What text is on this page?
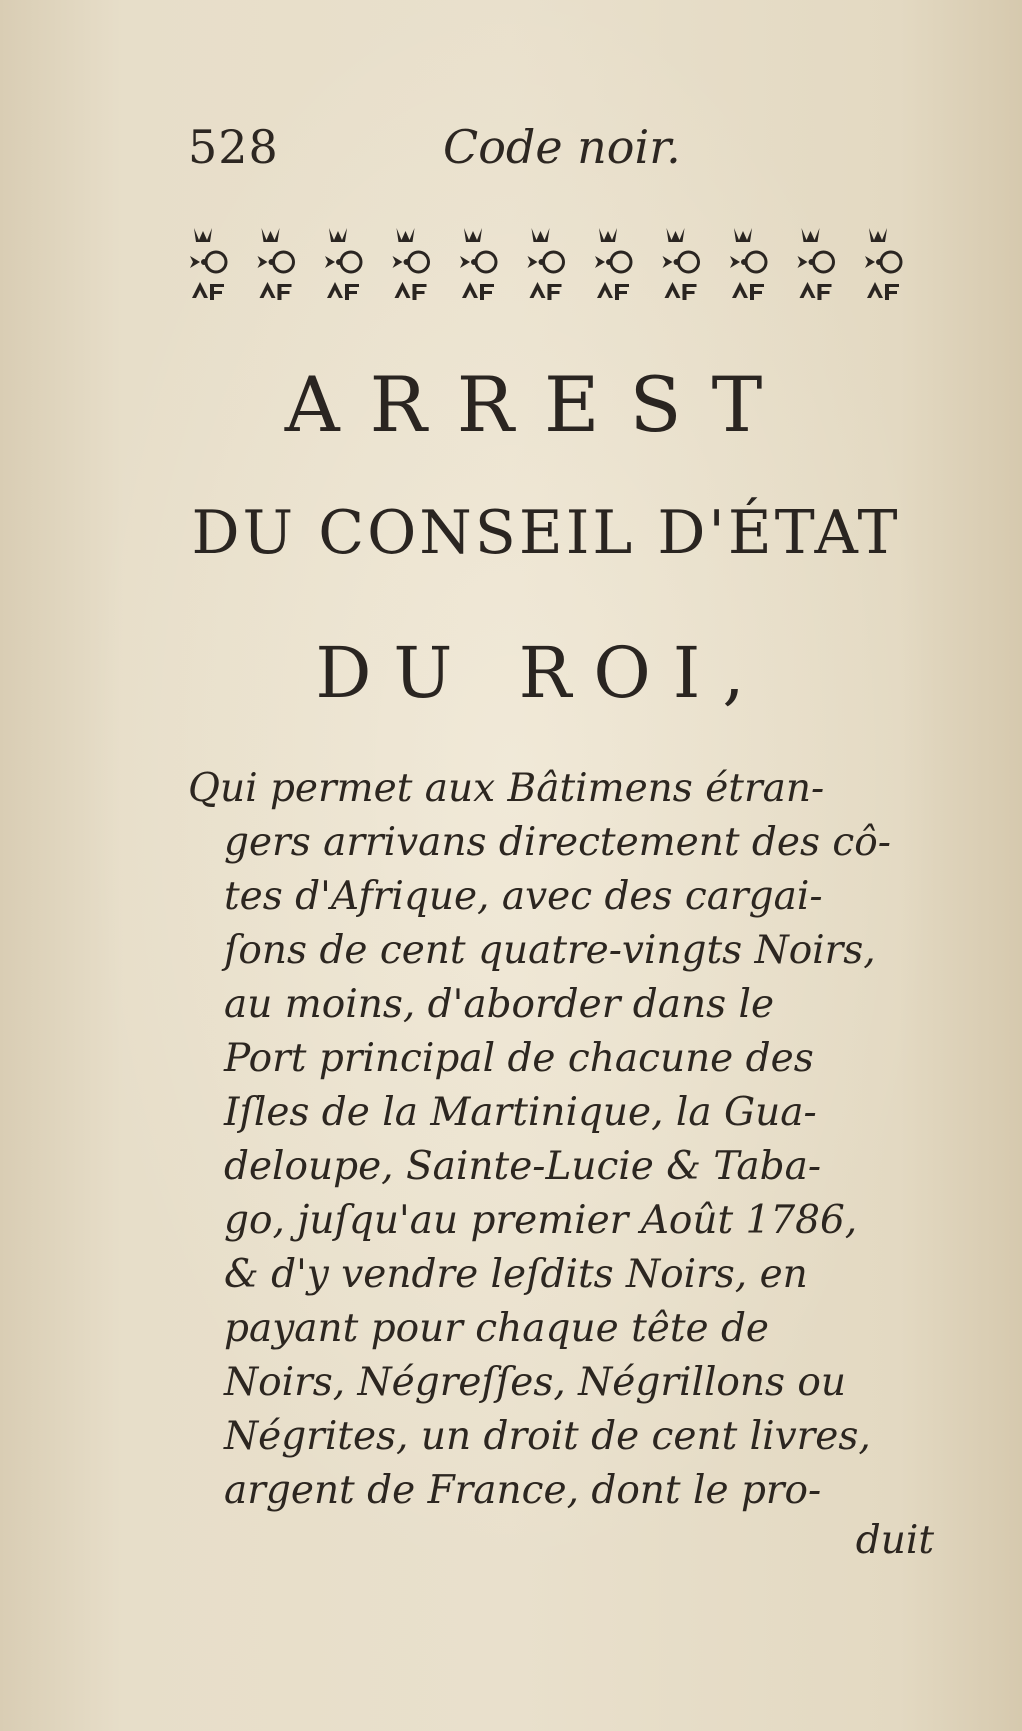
528	Code noir.
ARREST
DU CONSEIL D'ÉTAT
DU ROI,
Qui permet aux Bâtimens étran-
gers arrivans directement des cô-
tes d'Afrique, avec des cargai-
ſons de cent quatre-vingts Noirs,
au moins, d'aborder dans le
Port principal de chacune des
Iſles de la Martinique, la Gua-
deloupe, Sainte-Lucie & Taba-
go, juſqu'au premier Août 1786,
& d'y vendre leſdits Noirs, en
payant pour chaque tête de
Noirs, Négreſſes, Négrillons ou
Négrites, un droit de cent livres,
argent de France, dont le pro-
duit
